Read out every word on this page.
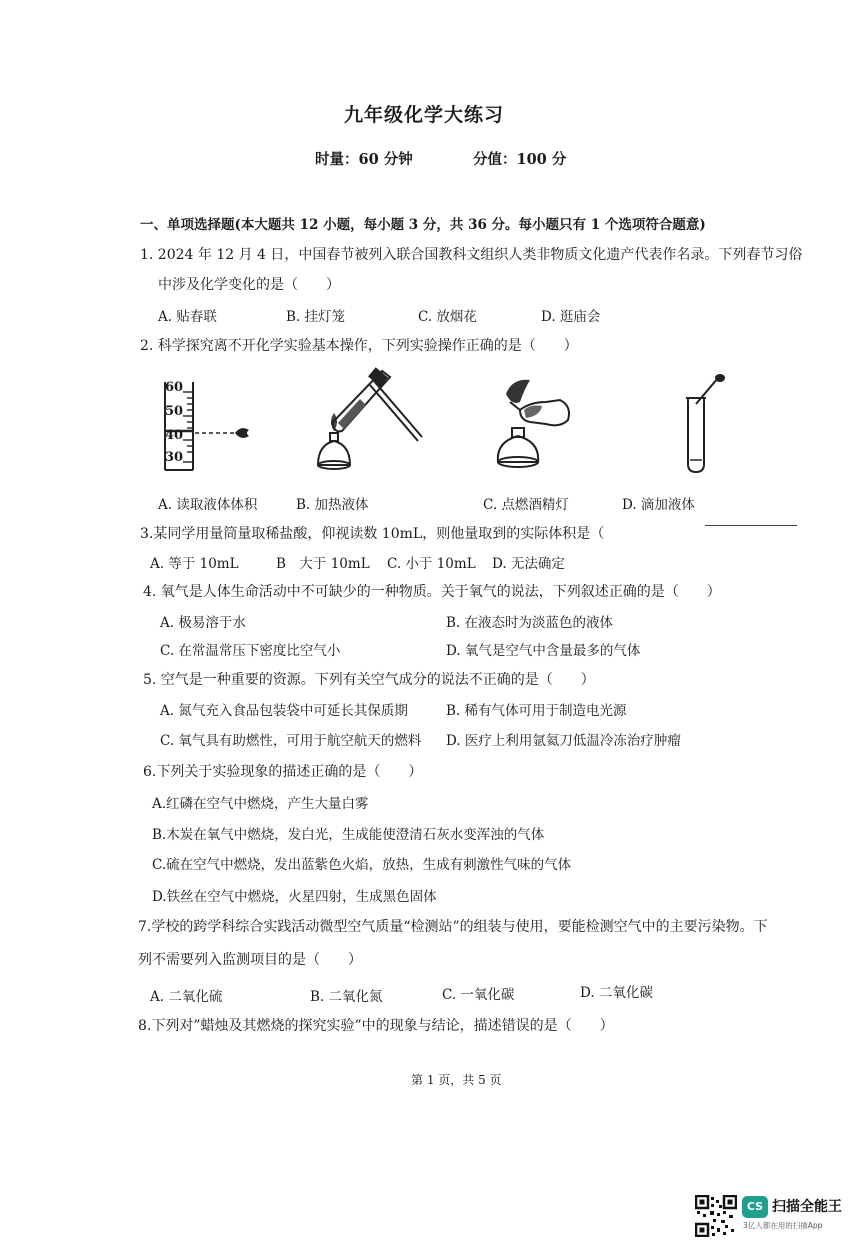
九年级化学大练习
时量：60 分钟	分值：100 分
一、单项选择题(本大题共 12 小题，每小题 3 分，共 36 分。每小题只有 1 个选项符合题意)
1. 2024 年 12 月 4 日，中国春节被列入联合国教科文组织人类非物质文化遗产代表作名录。下列春节习俗
中涉及化学变化的是（　　）
A. 贴春联	B. 挂灯笼	C. 放烟花	D. 逛庙会
2. 科学探究离不开化学实验基本操作，下列实验操作正确的是（　　）
60
50
40
30
A. 读取液体体积	B. 加热液体	C. 点燃酒精灯	D. 滴加液体
3.某同学用量筒量取稀盐酸，仰视读数 10mL，则他量取到的实际体积是（
A. 等于 10mL	B　大于 10mL C. 小于 10mL D. 无法确定
4. 氧气是人体生命活动中不可缺少的一种物质。关于氧气的说法，下列叙述正确的是（　　）
A. 极易溶于水	B. 在液态时为淡蓝色的液体
C. 在常温常压下密度比空气小	D. 氧气是空气中含量最多的气体
5. 空气是一种重要的资源。下列有关空气成分的说法不正确的是（　　）
A. 氮气充入食品包装袋中可延长其保质期	B. 稀有气体可用于制造电光源
C. 氧气具有助燃性，可用于航空航天的燃料 D. 医疗上利用氩氦刀低温冷冻治疗肿瘤
6.下列关于实验现象的描述正确的是（　　）
A.红磷在空气中燃烧，产生大量白雾
B.木炭在氧气中燃烧，发白光，生成能使澄清石灰水变浑浊的气体
C.硫在空气中燃烧，发出蓝紫色火焰，放热，生成有刺激性气味的气体
D.铁丝在空气中燃烧，火星四射，生成黑色固体
7.学校的跨学科综合实践活动微型空气质量“检测站”的组装与使用，要能检测空气中的主要污染物。下
列不需要列入监测项目的是（　　）
A. 二氧化硫	B. 二氧化氮	C. 一氧化碳	D. 二氧化碳
8.下列对”蜡烛及其燃烧的探究实验”中的现象与结论，描述错误的是（　　）
第 1 页，共 5 页
CS 扫描全能王
3亿人都在用的扫描App
